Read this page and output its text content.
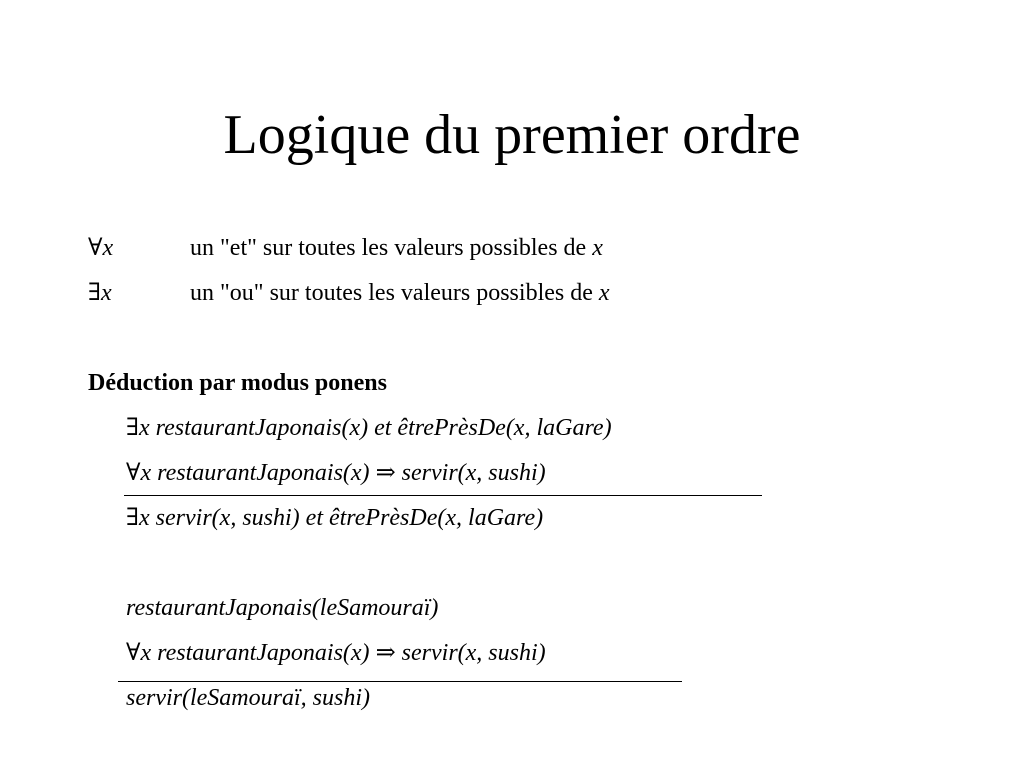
Logique du premier ordre
∀x	un "et" sur toutes les valeurs possibles de x
∃x	un "ou" sur toutes les valeurs possibles de x
Déduction par modus ponens
∃x restaurantJaponais(x) et êtrePrèsDe(x, laGare)
∀x restaurantJaponais(x) ⇒ servir(x, sushi)
∃x servir(x, sushi) et êtrePrèsDe(x, laGare)
restaurantJaponais(leSamouraï)
∀x restaurantJaponais(x) ⇒ servir(x, sushi)
servir(leSamouraï, sushi)
